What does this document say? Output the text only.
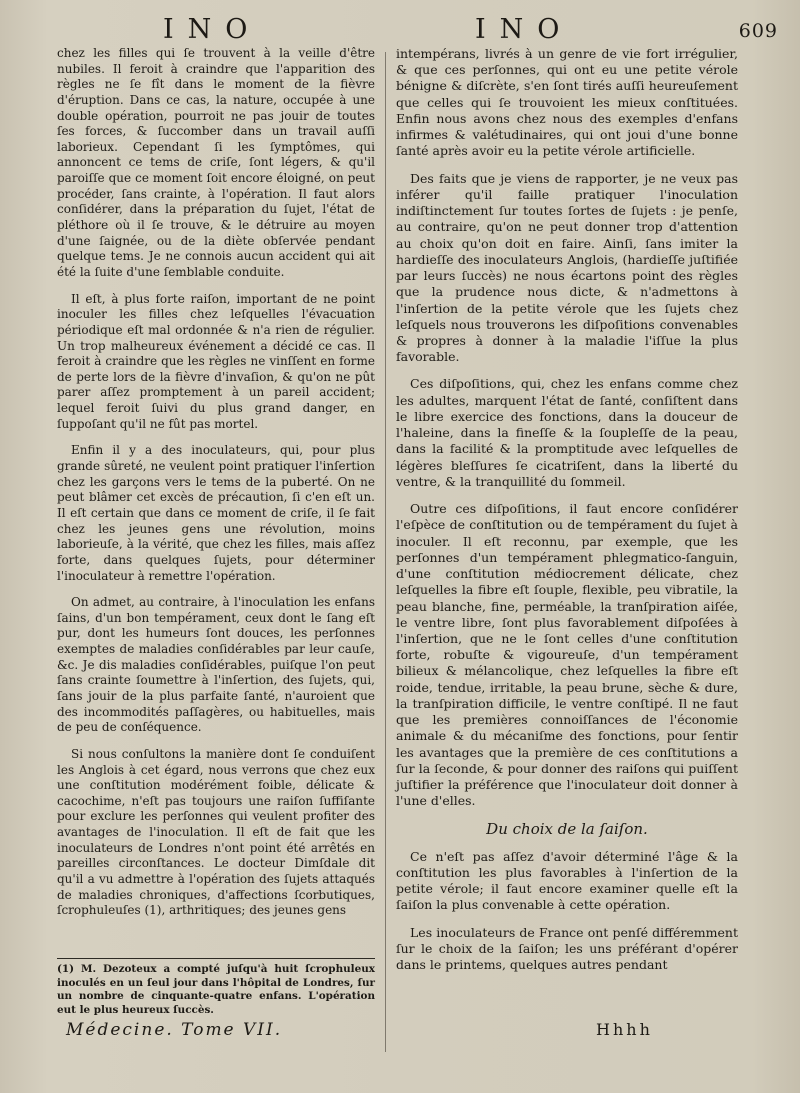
INO	INO	609

chez les filles qui ſe trouvent à la veille d'être nubiles. Il feroit à craindre que l'apparition des règles ne ſe fît dans le moment de la fièvre d'éruption. Dans ce cas, la nature, occupée à une double opération, pourroit ne pas jouir de toutes ſes forces, & ſuccomber dans un travail auſſi laborieux. Cependant ſi les ſymptômes, qui annoncent ce tems de criſe, ſont légers, & qu'il paroiſſe que ce moment ſoit encore éloigné, on peut procéder, ſans crainte, à l'opération. Il faut alors conſidérer, dans la préparation du ſujet, l'état de pléthore où il ſe trouve, & le détruire au moyen d'une ſaignée, ou de la diète obſervée pendant quelque tems. Je ne connois aucun accident qui ait été la ſuite d'une ſemblable conduite.

Il eſt, à plus forte raiſon, important de ne point inoculer les filles chez leſquelles l'évacuation périodique eſt mal ordonnée & n'a rien de régulier. Un trop malheureux événement a décidé ce cas. Il feroit à craindre que les règles ne vinſſent en forme de perte lors de la fièvre d'invaſion, & qu'on ne pût parer aſſez promptement à un pareil accident; lequel feroit ſuivi du plus grand danger, en ſuppoſant qu'il ne fût pas mortel.

Enfin il y a des inoculateurs, qui, pour plus grande sûreté, ne veulent point pratiquer l'inſertion chez les garçons vers le tems de la puberté. On ne peut blâmer cet excès de précaution, ſi c'en eſt un. Il eſt certain que dans ce moment de criſe, il ſe fait chez les jeunes gens une révolution, moins laborieuſe, à la vérité, que chez les filles, mais aſſez forte, dans quelques ſujets, pour déterminer l'inoculateur à remettre l'opération.

On admet, au contraire, à l'inoculation les enfans ſains, d'un bon tempérament, ceux dont le ſang eſt pur, dont les humeurs ſont douces, les perſonnes exemptes de maladies conſidérables par leur cauſe, &c. Je dis maladies conſidérables, puiſque l'on peut ſans crainte ſoumettre à l'inſertion, des ſujets, qui, ſans jouir de la plus parfaite ſanté, n'auroient que des incommodités paſſagères, ou habituelles, mais de peu de conſéquence.

Si nous conſultons la manière dont ſe conduiſent les Anglois à cet égard, nous verrons que chez eux une conſtitution modérément foible, délicate & cacochime, n'eſt pas toujours une raiſon ſuffiſante pour exclure les perſonnes qui veulent profiter des avantages de l'inoculation. Il eſt de fait que les inoculateurs de Londres n'ont point été arrêtés en pareilles circonſtances. Le docteur Dimſdale dit qu'il a vu admettre à l'opération des ſujets attaqués de maladies chroniques, d'affections ſcorbutiques, ſcrophuleuſes (1), arthritiques; des jeunes gens

(1) M. Dezoteux a compté juſqu'à huit ſcrophuleux inoculés en un ſeul jour dans l'hôpital de Londres, ſur un nombre de cinquante-quatre enfans. L'opération eut le plus heureux ſuccès.

intempérans, livrés à un genre de vie fort irrégulier, & que ces perſonnes, qui ont eu une petite vérole bénigne & diſcrète, s'en ſont tirés auſſi heureuſement que celles qui ſe trouvoient les mieux conſtituées. Enfin nous avons chez nous des exemples d'enfans infirmes & valétudinaires, qui ont joui d'une bonne ſanté après avoir eu la petite vérole artificielle.

Des faits que je viens de rapporter, je ne veux pas inférer qu'il faille pratiquer l'inoculation indiſtinctement ſur toutes ſortes de ſujets : je penſe, au contraire, qu'on ne peut donner trop d'attention au choix qu'on doit en faire. Ainſi, ſans imiter la hardieſſe des inoculateurs Anglois, (hardieſſe juſtifiée par leurs ſuccès) ne nous écartons point des règles que la prudence nous dicte, & n'admettons à l'inſertion de la petite vérole que les ſujets chez leſquels nous trouverons les diſpoſitions convenables & propres à donner à la maladie l'iſſue la plus favorable.

Ces diſpoſitions, qui, chez les enfans comme chez les adultes, marquent l'état de ſanté, conſiſtent dans le libre exercice des fonctions, dans la douceur de l'haleine, dans la fineſſe & la ſoupleſſe de la peau, dans la facilité & la promptitude avec leſquelles de légères bleſſures ſe cicatriſent, dans la liberté du ventre, & la tranquillité du ſommeil.

Outre ces diſpoſitions, il faut encore conſidérer l'eſpèce de conſtitution ou de tempérament du ſujet à inoculer. Il eſt reconnu, par exemple, que les perſonnes d'un tempérament phlegmatico-ſanguin, d'une conſtitution médiocrement délicate, chez leſquelles la fibre eſt ſouple, flexible, peu vibratile, la peau blanche, fine, perméable, la tranſpiration aiſée, le ventre libre, ſont plus favorablement diſpoſées à l'inſertion, que ne le ſont celles d'une conſtitution forte, robuſte & vigoureuſe, d'un tempérament bilieux & mélancolique, chez leſquelles la fibre eſt roide, tendue, irritable, la peau brune, sèche & dure, la tranſpiration difficile, le ventre conſtipé. Il ne faut que les premières connoiſſances de l'économie animale & du mécaniſme des fonctions, pour ſentir les avantages que la première de ces conſtitutions a ſur la ſeconde, & pour donner des raiſons qui puiſſent juſtifier la préférence que l'inoculateur doit donner à l'une d'elles.

Du choix de la ſaiſon.

Ce n'eſt pas aſſez d'avoir déterminé l'âge & la conſtitution les plus favorables à l'inſertion de la petite vérole; il faut encore examiner quelle eſt la ſaiſon la plus convenable à cette opération.

Les inoculateurs de France ont penſé différemment ſur le choix de la ſaiſon; les uns préférant d'opérer dans le printems, quelques autres pendant

Médecine. Tome VII.	Hhhh
